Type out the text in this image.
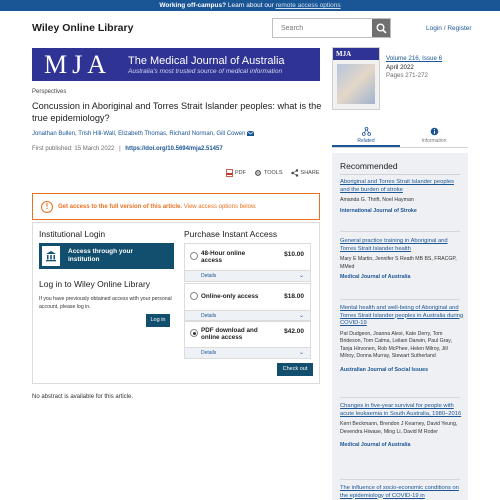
Working off-campus? Learn about our remote access options
Wiley Online Library
Search	Login / Register
MJA	The Medical Journal of Australia
Australia's most trusted source of medical information
MJA
Volume 216, Issue 6
April 2022
Pages 271-272
Perspectives
Concussion in Aboriginal and Torres Strait Islander peoples: what is the true epidemiology?
Jonathan Bullen, Trish Hill-Wall, Elizabeth Thomas, Richard Norman, Gill Cowen
First published: 15 March 2022 | https://doi.org/10.5694/mja2.51457
PDF	TOOLS	SHARE
!	Get access to the full version of this article. View access options below.
Institutional Login
Access through your institution
Log in to Wiley Online Library
If you have previously obtained access with your personal account, please log in.
Log in
Purchase Instant Access
48-Hour online access
$10.00
Details	⌄
Online-only access	$18.00
Details	⌄
PDF download and online access
$42.00
Details	⌄
Check out
No abstract is available for this article.
Related	Information
Recommended
Aboriginal and Torres Strait Islander peoples and the burden of stroke
Amanda G. Thrift, Noel Hayman
International Journal of Stroke
General practice training in Aboriginal and Torres Strait Islander health
Mary E Martin, Jennifer S Reath MB BS, FRACGP, MMed
Medical Journal of Australia
Mental health and well-being of Aboriginal and Torres Strait Islander peoples in Australia during COVID-19
Pat Dudgeon, Joanna Alexi, Kate Derry, Tom Brideson, Tom Calma, Leilani Darwin, Paul Gray, Tanja Hirvonen, Rob McPhee, Helen Milroy, Jill Milroy, Donna Murray, Stewart Sutherland
Australian Journal of Social Issues
Changes in five-year survival for people with acute leukaemia in South Australia, 1980–2016
Kerri Beckmann, Brendon J Kearney, David Yeung, Devendra Hiwase, Ming Li, David M Roder
Medical Journal of Australia
The influence of socio-economic conditions on the epidemiology of COVID-19 in
